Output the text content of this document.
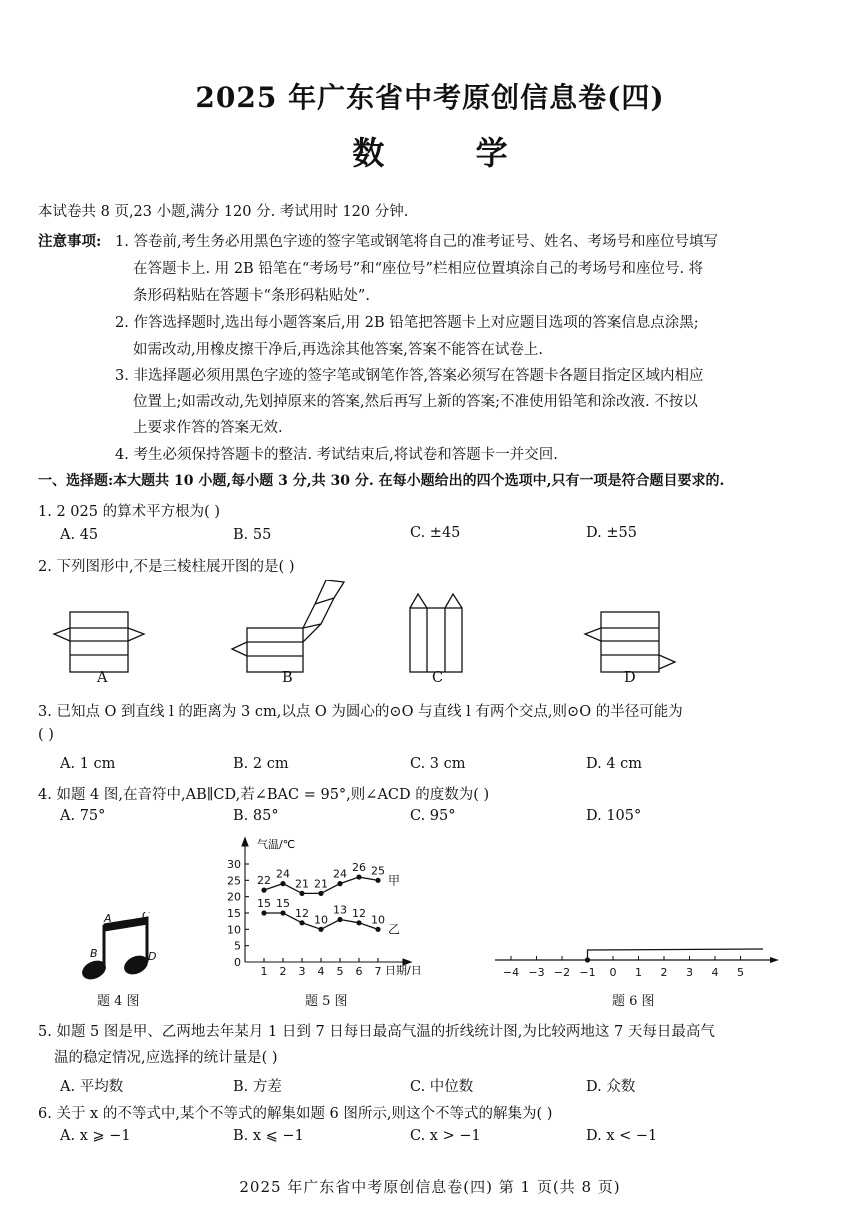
2025 年广东省中考原创信息卷(四)
数 学
本试卷共 8 页,23 小题,满分 120 分. 考试用时 120 分钟.
注意事项: 1. 答卷前,考生务必用黑色字迹的签字笔或钢笔将自己的准考证号、姓名、考场号和座位号填写
在答题卡上. 用 2B 铅笔在“考场号”和“座位号”栏相应位置填涂自己的考场号和座位号. 将
条形码粘贴在答题卡“条形码粘贴处”.
2. 作答选择题时,选出每小题答案后,用 2B 铅笔把答题卡上对应题目选项的答案信息点涂黑;
如需改动,用橡皮擦干净后,再选涂其他答案,答案不能答在试卷上.
3. 非选择题必须用黑色字迹的签字笔或钢笔作答,答案必须写在答题卡各题目指定区域内相应
位置上;如需改动,先划掉原来的答案,然后再写上新的答案;不准使用铅笔和涂改液. 不按以
上要求作答的答案无效.
4. 考生必须保持答题卡的整洁. 考试结束后,将试卷和答题卡一并交回.
一、选择题:本大题共 10 小题,每小题 3 分,共 30 分. 在每小题给出的四个选项中,只有一项是符合题目要求的.
1. 2 025 的算术平方根为( )
A. 45	B. 55	C. ±45	D. ±55
2. 下列图形中,不是三棱柱展开图的是( )
A	B	C	D
3. 已知点 O 到直线 l 的距离为 3 cm,以点 O 为圆心的⊙O 与直线 l 有两个交点,则⊙O 的半径可能为
( )
A. 1 cm	B. 2 cm	C. 3 cm	D. 4 cm
4. 如题 4 图,在音符中,AB∥CD,若∠BAC = 95°,则∠ACD 的度数为( )
A. 75°	B. 85°	C. 95°	D. 105°
A	C
B	D
题 4 图
0
5
10
15
20
25
30
1 2 3 4 5 6 7
22
24
21 21
24
26 25
甲
15 15
12
10
13 12
10
乙
气温/℃
日期/日
题 5 图
−4 −3 −2 −1 0 1 2 3 4 5
题 6 图
5. 如题 5 图是甲、乙两地去年某月 1 日到 7 日每日最高气温的折线统计图,为比较两地这 7 天每日最高气
温的稳定情况,应选择的统计量是( )
A. 平均数	B. 方差	C. 中位数	D. 众数
6. 关于 x 的不等式中,某个不等式的解集如题 6 图所示,则这个不等式的解集为( )
A. x ⩾ −1	B. x ⩽ −1	C. x > −1	D. x < −1
2025 年广东省中考原创信息卷(四) 第 1 页(共 8 页)
